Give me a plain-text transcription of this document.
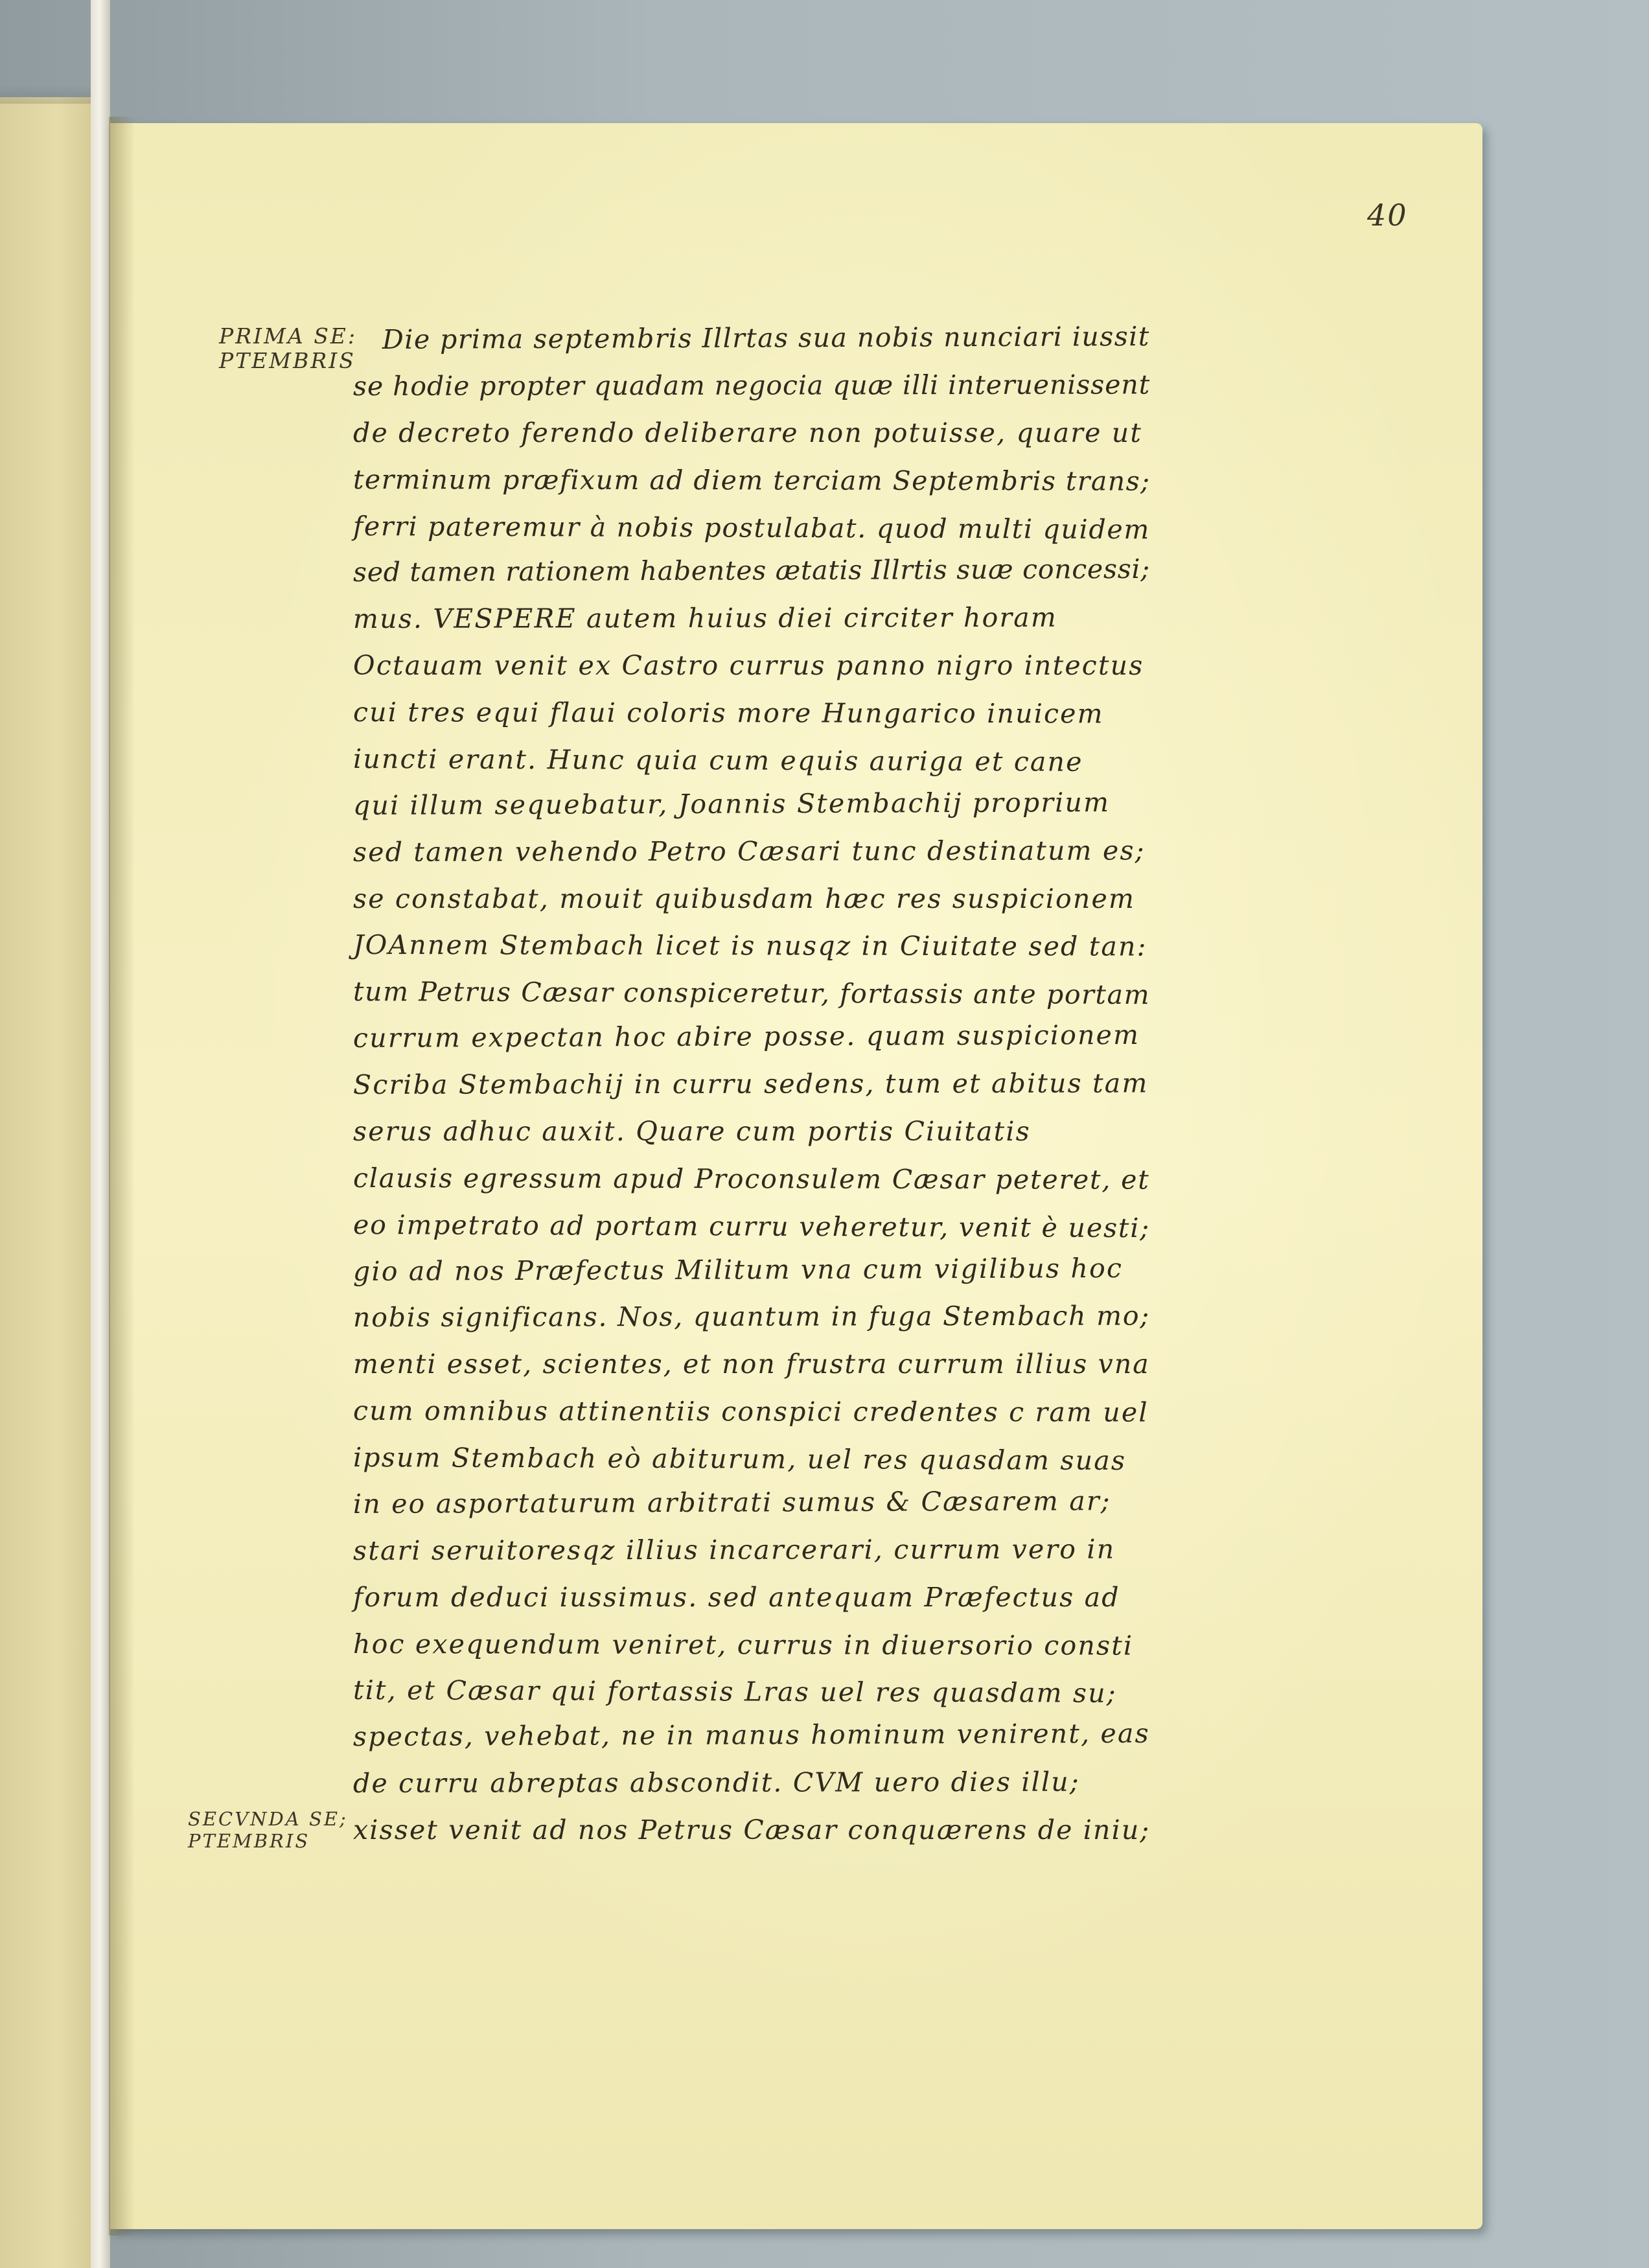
40
PRIMA SE:
PTEMBRIS
SECVNDA SE;
PTEMBRIS
Die prima septembris Illrtas sua nobis nunciari iussit
se hodie propter quadam negocia quæ illi interuenissent
de decreto ferendo deliberare non potuisse, quare ut
terminum præfixum ad diem terciam Septembris trans;
ferri pateremur à nobis postulabat. quod multi quidem
sed tamen rationem habentes ætatis Illrtis suæ concessi;
mus. VESPERE autem huius diei circiter horam
Octauam venit ex Castro currus panno nigro intectus
cui tres equi flaui coloris more Hungarico inuicem
iuncti erant. Hunc quia cum equis auriga et cane
qui illum sequebatur, Joannis Stembachij proprium
sed tamen vehendo Petro Cæsari tunc destinatum es;
se constabat, mouit quibusdam hæc res suspicionem
JOAnnem Stembach licet is nusqz in Ciuitate sed tan:
tum Petrus Cæsar conspiceretur, fortassis ante portam
currum expectan hoc abire posse. quam suspicionem
Scriba Stembachij in curru sedens, tum et abitus tam
serus adhuc auxit. Quare cum portis Ciuitatis
clausis egressum apud Proconsulem Cæsar peteret, et
eo impetrato ad portam curru veheretur, venit è uesti;
gio ad nos Præfectus Militum vna cum vigilibus hoc
nobis significans. Nos, quantum in fuga Stembach mo;
menti esset, scientes, et non frustra currum illius vna
cum omnibus attinentiis conspici credentes c ram uel
ipsum Stembach eò abiturum, uel res quasdam suas
in eo asportaturum arbitrati sumus & Cæsarem ar;
stari seruitoresqz illius incarcerari, currum vero in
forum deduci iussimus. sed antequam Præfectus ad
hoc exequendum veniret, currus in diuersorio consti
tit, et Cæsar qui fortassis Lras uel res quasdam su;
spectas, vehebat, ne in manus hominum venirent, eas
de curru abreptas abscondit. CVM uero dies illu;
xisset venit ad nos Petrus Cæsar conquærens de iniu;
